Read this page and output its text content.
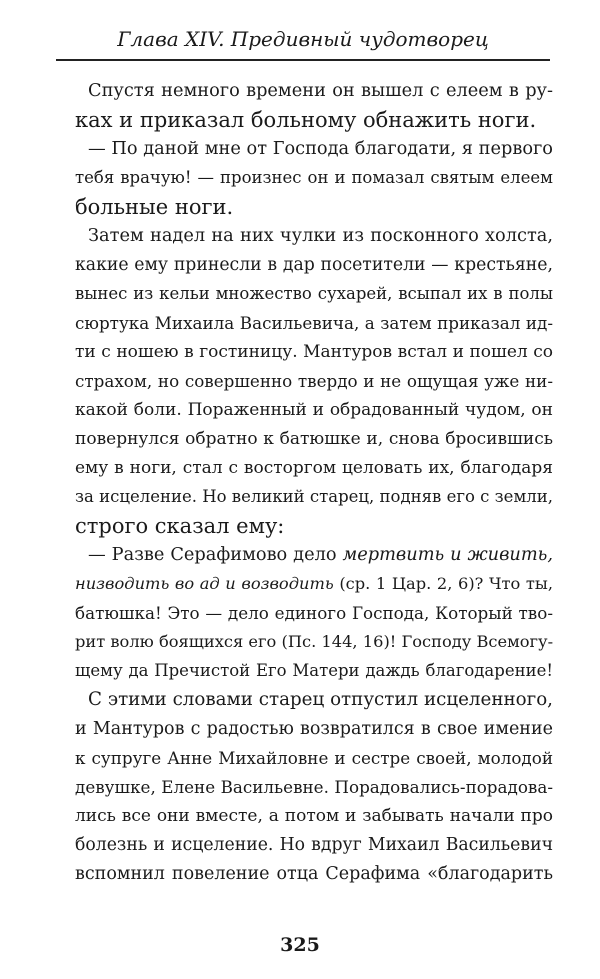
Глава XIV. Предивный чудотворец
Спустя немного времени он вышел с елеем в ру-
ках и приказал больному обнажить ноги.
— По даной мне от Господа благодати, я первого
тебя врачую! — произнес он и помазал святым елеем
больные ноги.
Затем надел на них чулки из посконного холста,
какие ему принесли в дар посетители — крестьяне,
вынес из кельи множество сухарей, всыпал их в полы
сюртука Михаила Васильевича, а затем приказал ид-
ти с ношею в гостиницу. Мантуров встал и пошел со
страхом, но совершенно твердо и не ощущая уже ни-
какой боли. Пораженный и обрадованный чудом, он
повернулся обратно к батюшке и, снова бросившись
ему в ноги, стал с восторгом целовать их, благодаря
за исцеление. Но великий старец, подняв его с земли,
строго сказал ему:
— Разве Серафимово дело мертвить и живить,
низводить во ад и возводить (ср. 1 Цар. 2, 6)? Что ты,
батюшка! Это — дело единого Господа, Который тво-
рит волю боящихся его (Пс. 144, 16)! Господу Всемогу-
щему да Пречистой Его Матери даждь благодарение!
С этими словами старец отпустил исцеленного,
и Мантуров с радостью возвратился в свое имение
к супруге Анне Михайловне и сестре своей, молодой
девушке, Елене Васильевне. Порадовались-порадова-
лись все они вместе, а потом и забывать начали про
болезнь и исцеление. Но вдруг Михаил Васильевич
вспомнил повеление отца Серафима «благодарить
325
